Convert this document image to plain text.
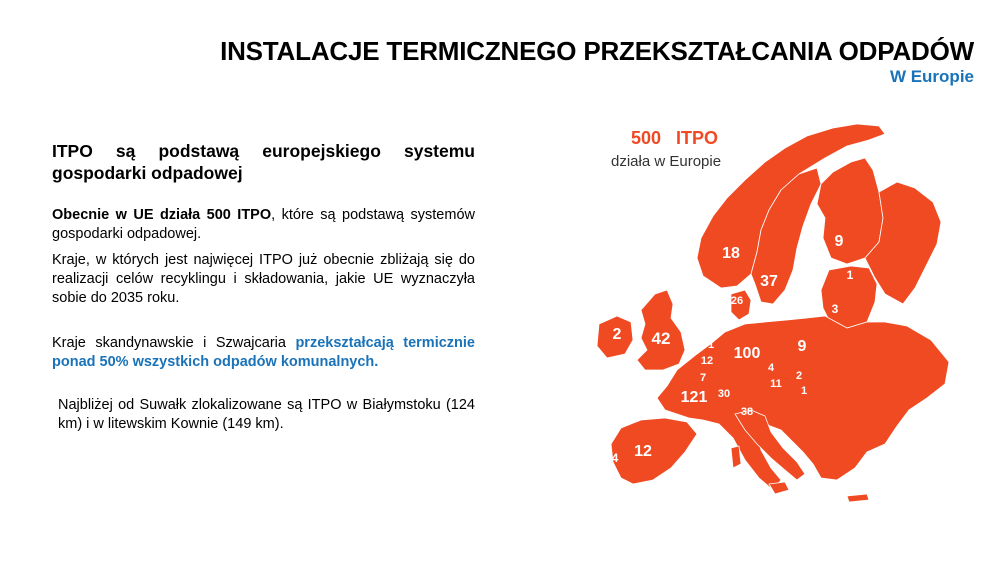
INSTALACJE TERMICZNEGO PRZEKSZTAŁCANIA ODPADÓW
W Europie
ITPO są podstawą europejskiego systemu gospodarki odpadowej
Obecnie w UE działa 500 ITPO, które są podstawą systemów gospodarki odpadowej.
Kraje, w których jest najwięcej ITPO już obecnie zbliżają się do realizacji celów recyklingu i składowania, jakie UE wyznaczyła sobie do 2035 roku.
Kraje skandynawskie i Szwajcaria przekształcają termicznie ponad 50% wszystkich odpadów komunalnych.
Najbliżej od Suwałk zlokalizowane są ITPO w Białymstoku (124 km) i w litewskim Kownie (149 km).
500 ITPO
działa w Europie
18
37
9
1
3
26
2 42	1
12
7
100 9
4
2
11
1
121 30
38
12
4
